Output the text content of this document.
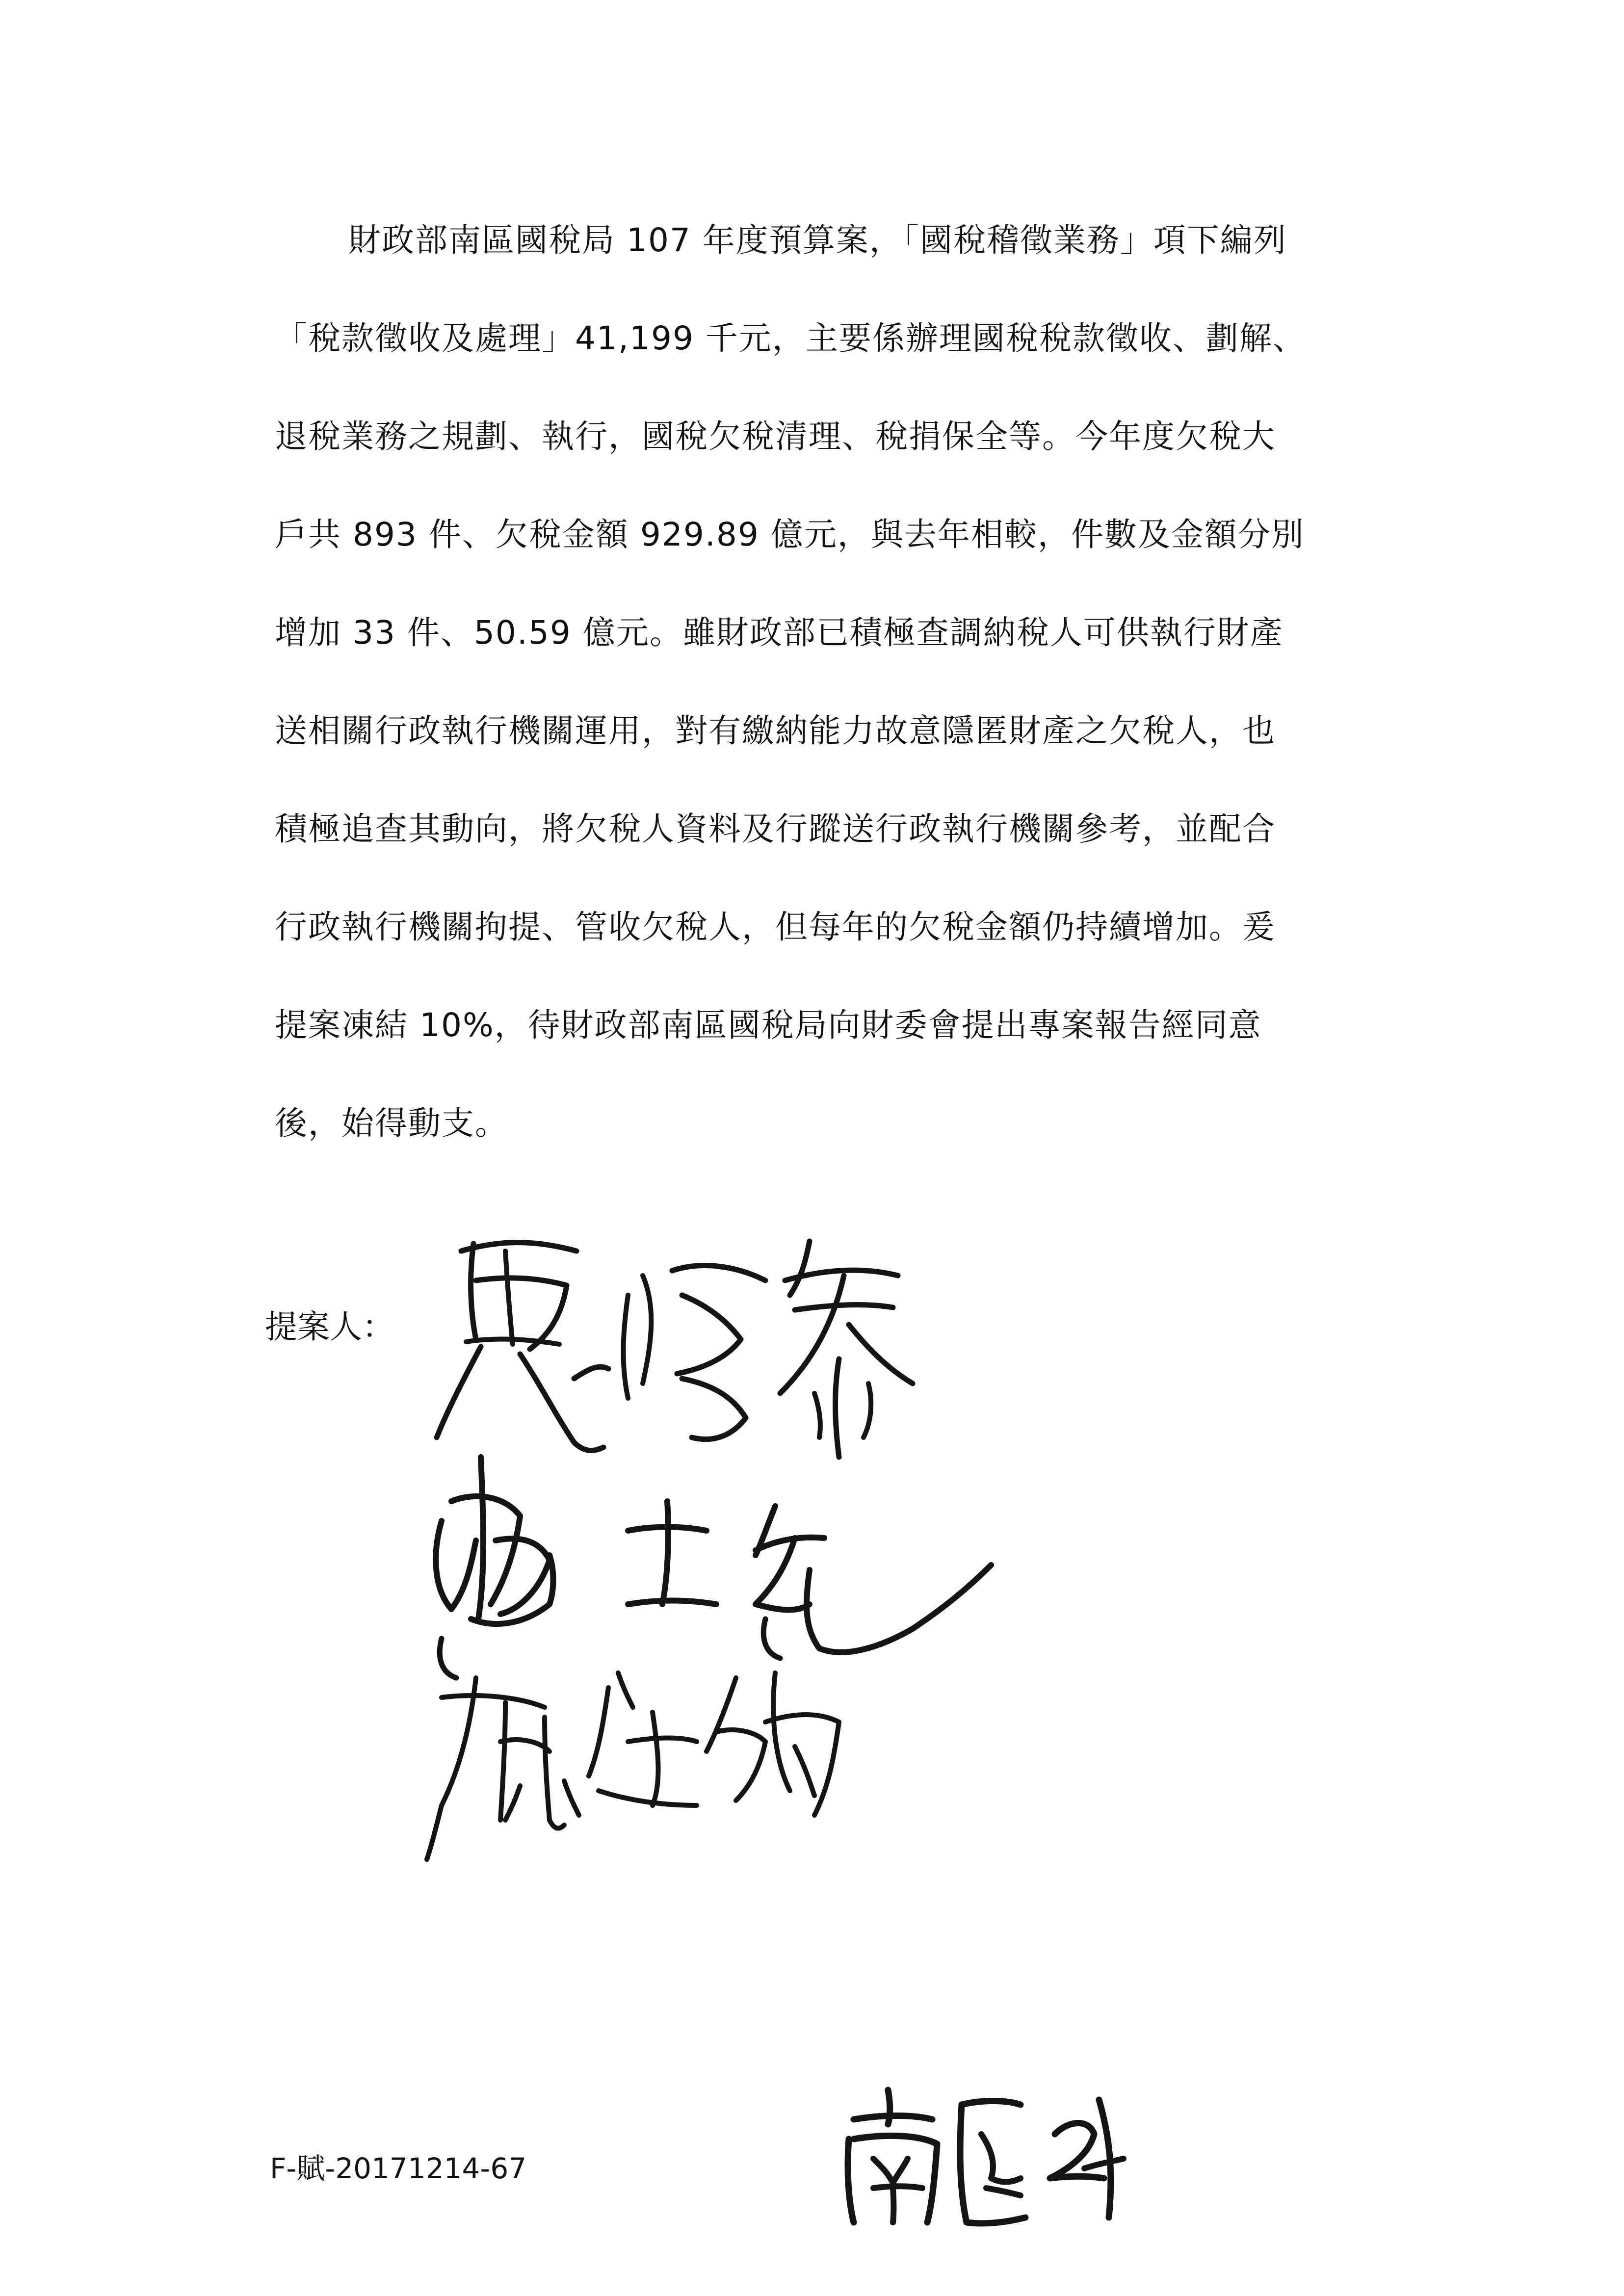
財政部南區國稅局 107 年度預算案，「國稅稽徵業務」項下編列
「稅款徵收及處理」41,199 千元，主要係辦理國稅稅款徵收、劃解、
退稅業務之規劃、執行，國稅欠稅清理、稅捐保全等。今年度欠稅大
戶共 893 件、欠稅金額 929.89 億元，與去年相較，件數及金額分別
增加 33 件、50.59 億元。雖財政部已積極查調納稅人可供執行財產
送相關行政執行機關運用，對有繳納能力故意隱匿財產之欠稅人，也
積極追查其動向，將欠稅人資料及行蹤送行政執行機關參考，並配合
行政執行機關拘提、管收欠稅人，但每年的欠稅金額仍持續增加。爰
提案凍結 10%，待財政部南區國稅局向財委會提出專案報告經同意
後，始得動支。
提案人：
F-賦-20171214-67
